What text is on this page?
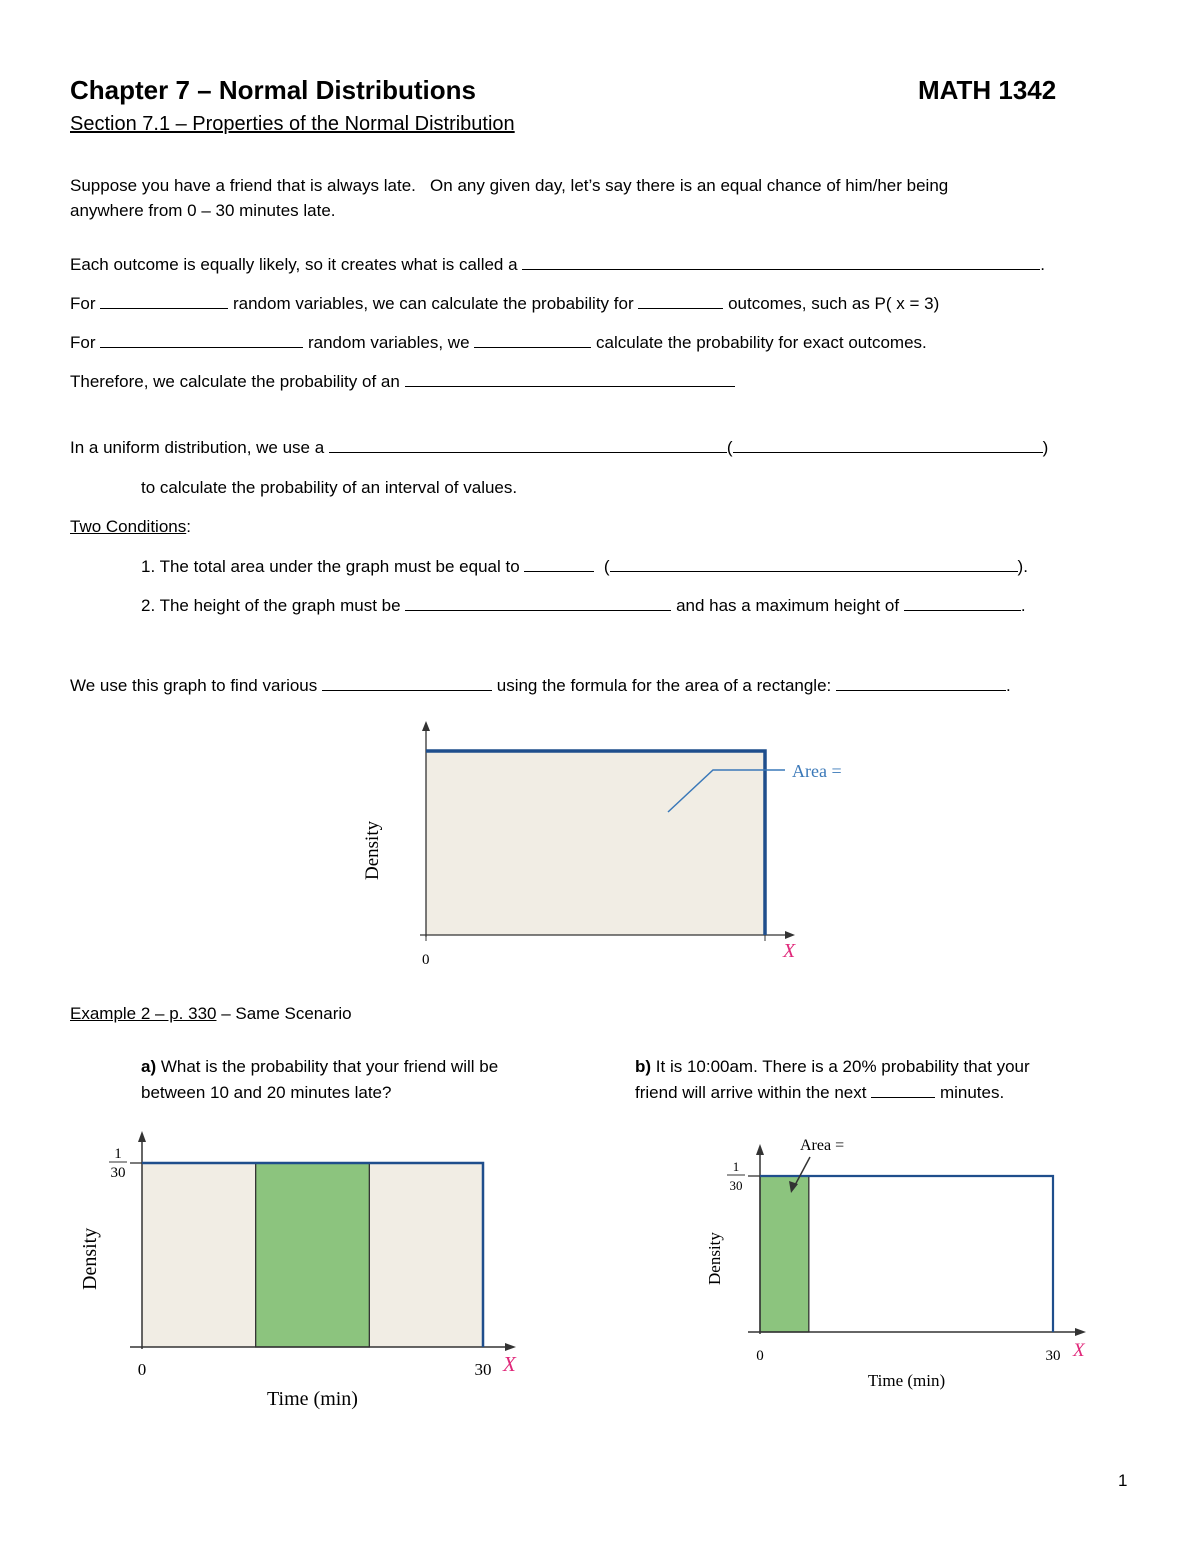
Chapter 7 – Normal Distributions	MATH 1342
Section 7.1 – Properties of the Normal Distribution
Suppose you have a friend that is always late.   On any given day, let’s say there is an equal chance of him/her being
anywhere from 0 – 30 minutes late.
Each outcome is equally likely, so it creates what is called a	.
For	random variables, we can calculate the probability for	outcomes, such as P( x = 3)
For	random variables, we	calculate the probability for exact outcomes.
Therefore, we calculate the probability of an
In a uniform distribution, we use a	(	)
to calculate the probability of an interval of values.
Two Conditions:
1. The total area under the graph must be equal to	(	).
2. The height of the graph must be	and has a maximum height of	.
We use this graph to find various	using the formula for the area of a rectangle:	.
Area =
Density
0	X
Example 2 – p. 330 – Same Scenario
a) What is the probability that your friend will be
between 10 and 20 minutes late?
b) It is 10:00am. There is a 20% probability that your
friend will arrive within the next	minutes.
1
30
Density
0	30 X
Time (min)
1
30
Area =
Density
0	30 X
Time (min)
1
